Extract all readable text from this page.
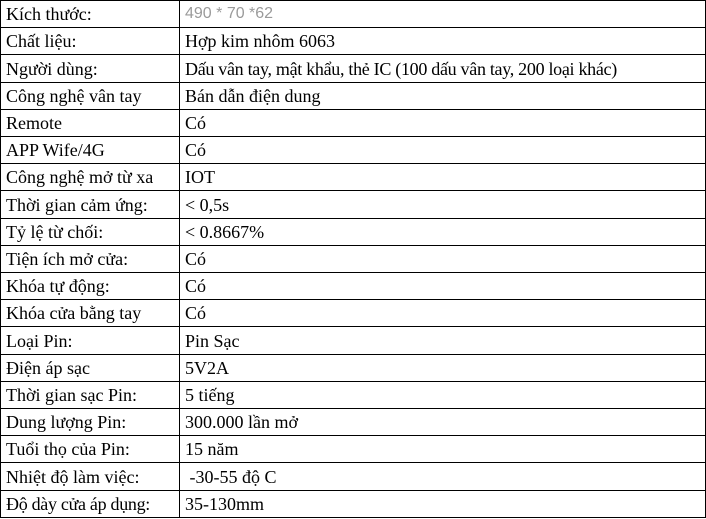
Kích thước:	490 * 70 *62
Chất liệu:	Hợp kim nhôm 6063
Người dùng:	Dấu vân tay, mật khẩu, thẻ IC (100 dấu vân tay, 200 loại khác)
Công nghệ vân tay	Bán dẫn điện dung
Remote	Có
APP Wife/4G	Có
Công nghệ mở từ xa	IOT
Thời gian cảm ứng:	< 0,5s
Tỷ lệ từ chối:	< 0.8667%
Tiện ích mở cửa:	Có
Khóa tự động:	Có
Khóa cửa bằng tay	Có
Loại Pin:	Pin Sạc
Điện áp sạc	5V2A
Thời gian sạc Pin:	5 tiếng
Dung lượng Pin:	300.000 lần mở
Tuổi thọ của Pin:	15 năm
Nhiệt độ làm việc:	-30-55 độ C
Độ dày cửa áp dụng:	35-130mm
